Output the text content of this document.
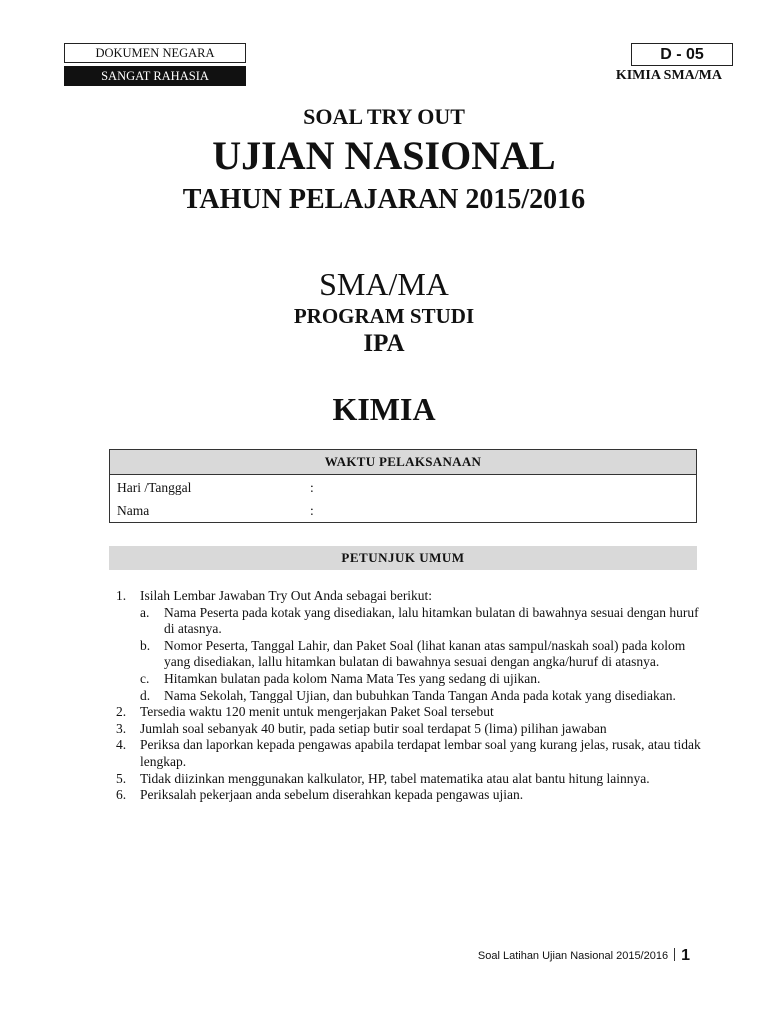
DOKUMEN NEGARA
SANGAT RAHASIA
D - 05
KIMIA SMA/MA
SOAL TRY OUT
UJIAN NASIONAL
TAHUN PELAJARAN 2015/2016
SMA/MA
PROGRAM STUDI
IPA
KIMIA
WAKTU PELAKSANAAN
Hari /Tanggal	:
Nama	:
PETUNJUK UMUM
1. Isilah Lembar Jawaban Try Out Anda sebagai berikut:
a. Nama Peserta pada kotak yang disediakan, lalu hitamkan bulatan di bawahnya sesuai dengan huruf di atasnya.
b. Nomor Peserta, Tanggal Lahir, dan Paket Soal (lihat kanan atas sampul/naskah soal) pada kolom yang disediakan, lallu hitamkan bulatan di bawahnya sesuai dengan angka/huruf di atasnya.
c. Hitamkan bulatan pada kolom Nama Mata Tes yang sedang di ujikan.
d. Nama Sekolah, Tanggal Ujian, dan bubuhkan Tanda Tangan Anda pada kotak yang disediakan.
2. Tersedia waktu 120 menit untuk mengerjakan Paket Soal tersebut
3. Jumlah soal sebanyak 40 butir, pada setiap butir soal terdapat 5 (lima) pilihan jawaban
4. Periksa dan laporkan kepada pengawas apabila terdapat lembar soal yang kurang jelas, rusak, atau tidak lengkap.
5. Tidak diizinkan menggunakan kalkulator, HP, tabel matematika atau alat bantu hitung lainnya.
6. Periksalah pekerjaan anda sebelum diserahkan kepada pengawas ujian.
Soal Latihan Ujian Nasional 2015/2016 1
